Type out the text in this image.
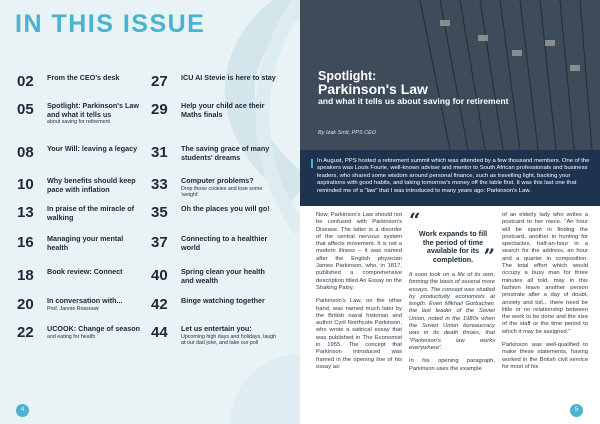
IN THIS ISSUE
02	From the CEO's desk
05	Spotlight: Parkinson's Law and what it tells us
about saving for retirement
08	Your Will: leaving a legacy
10	Why benefits should keep pace with inflation
13	In praise of the miracle of walking
16	Managing your mental health
18	Book review: Connect
20	In conversation with...
Prof. Jannie Rossouw
22	UCOOK: Change of season
and eating for health
27	ICU AI Stevie is here to stay
29	Help your child ace their Maths finals
31	The saving grace of many students' dreams
33	Computer problems?
Drop those cookies and lose some 'weight'
35	Oh the places you will go!
37	Connecting to a healthier world
40	Spring clean your health and wealth
42	Binge watching together
44	Let us entertain you:
Upcoming high days and holidays, laugh at our dad joke, and take our poll
4
Spotlight:
Parkinson's Law
and what it tells us about saving for retirement
By Izak Smit, PPS CEO

In August, PPS hosted a retirement summit which was attended by a few thousand members. One of the speakers was Louis Fourie, well-known adviser and mentor to South African professionals and business leaders, who shared some wisdom around personal finance, such as travelling light, backing your aspirations with good habits, and taking tomorrow's money off the table first. It was this last one that reminded me of a "law" that I was introduced to many years ago: Parkinson's Law.

Now, Parkinson's Law should not be confused with Parkinson's Disease. The latter is a disorder of the central nervous system that affects movement. It is not a modern illness – it was named after the English physician James Parkinson, who, in 1817, published a comprehensive description titled An Essay on the Shaking Palsy.

Parkinson's Law, on the other hand, was named much later by the British naval historian and author Cyril Northcote Parkinson, who wrote a satirical essay that was published in The Economist in 1955. The concept that Parkinson introduced was framed in the opening line of his essay as:

“
Work expands to fill the period of time available for its completion. ”

It soon took on a life of its own, forming the basis of several more essays. The concept was studied by productivity economists at length. Even Mikhail Gorbachev, the last leader of the Soviet Union, noted in the 1980s when the Soviet Union bureaucracy was in its death throes, that "Parkinson's law works everywhere".

In his opening paragraph, Parkinson uses the example

of an elderly lady who writes a postcard to her niece. "An hour will be spent in finding the postcard, another in hunting for spectacles, half-an-hour in a search for the address, an hour and a quarter in composition. The total effort which would occupy a busy man for three minutes all told, may in this fashion leave another person prostrate after a day of doubt, anxiety and toil... there need be little or no relationship between the work to be done and the size of the staff or the time period to which it may be assigned."

Parkinson was well-qualified to make these statements, having worked in the British civil service for most of his

5
